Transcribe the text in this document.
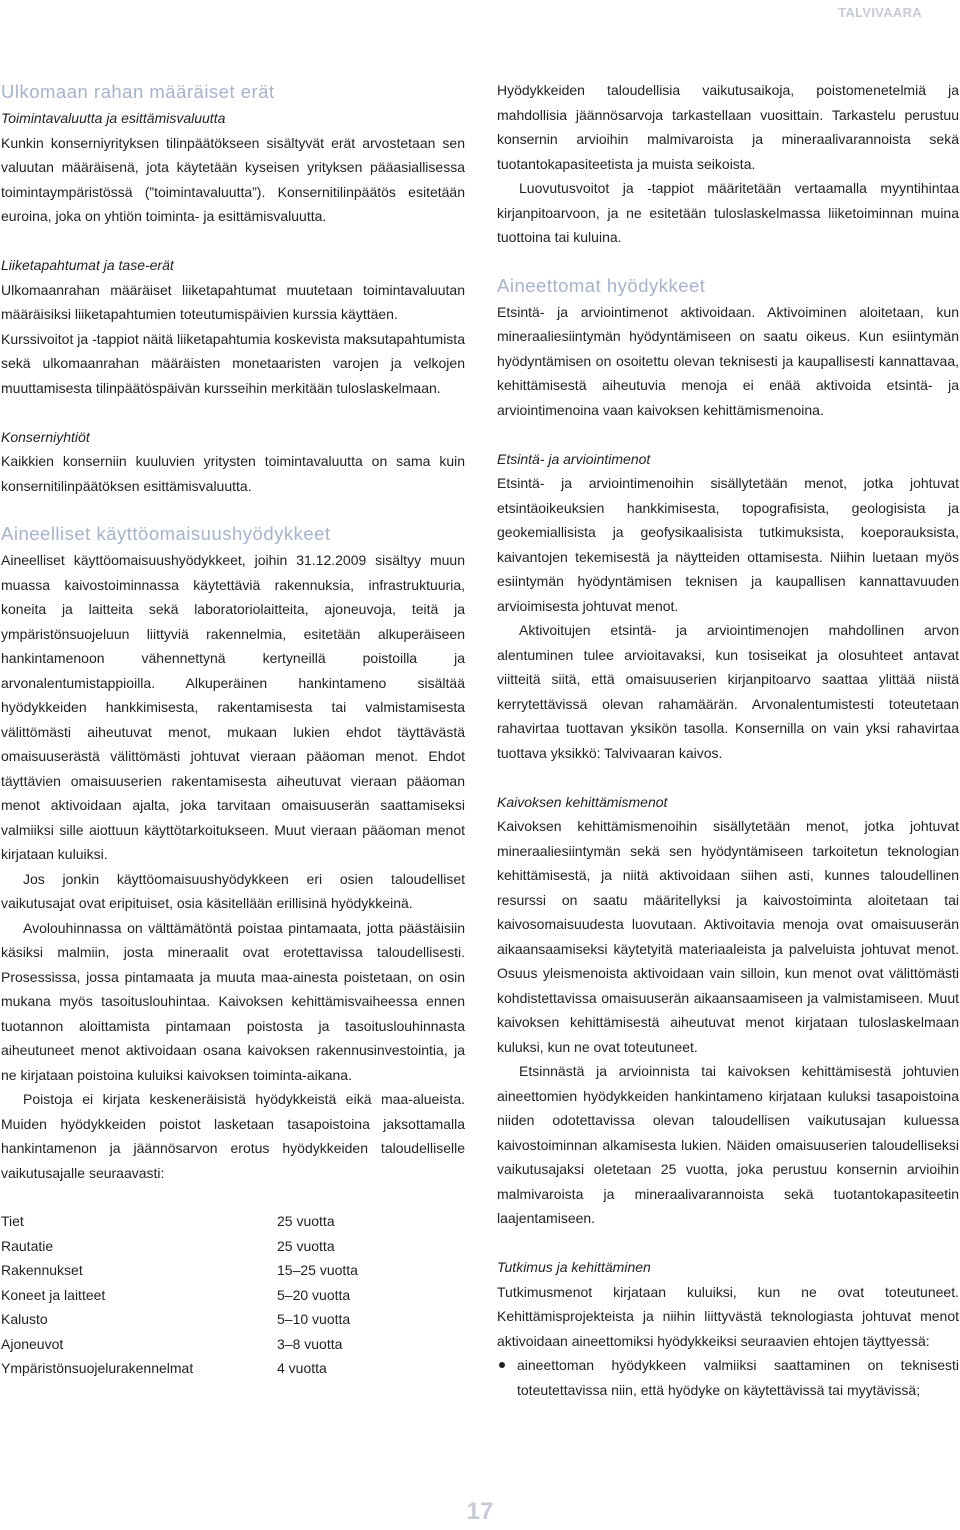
TALVIVAARA
Ulkomaan rahan määräiset erät
Toimintavaluutta ja esittämisvaluutta

Kunkin konserniyrityksen tilinpäätökseen sisältyvät erät arvostetaan sen valuutan määräisenä, jota käytetään kyseisen yrityksen pääasiallisessa toimintaympäristössä (”toimintavaluutta”). Konsernitilinpäätös esitetään euroina, joka on yhtiön toiminta- ja esittämisvaluutta.

Liiketapahtumat ja tase-erät

Ulkomaanrahan määräiset liiketapahtumat muutetaan toimintavaluutan määräisiksi liiketapahtumien toteutumispäivien kurssia käyttäen.

Kurssivoitot ja -tappiot näitä liiketapahtumia koskevista maksutapahtumista sekä ulkomaanrahan määräisten monetaaristen varojen ja velkojen muuttamisesta tilinpäätöspäivän kursseihin merkitään tuloslaskelmaan.

Konserniyhtiöt

Kaikkien konserniin kuuluvien yritysten toimintavaluutta on sama kuin konsernitilinpäätöksen esittämisvaluutta.

Aineelliset käyttöomaisuushyödykkeet

Aineelliset käyttöomaisuushyödykkeet, joihin 31.12.2009 sisältyy muun muassa kaivostoiminnassa käytettäviä rakennuksia, infrastruktuuria, koneita ja laitteita sekä laboratoriolaitteita, ajoneuvoja, teitä ja ympäristönsuojeluun liittyviä rakennelmia, esitetään alkuperäiseen hankintamenoon vähennettynä kertyneillä poistoilla ja arvonalentumistappioilla. Alkuperäinen hankintameno sisältää hyödykkeiden hankkimisesta, rakentamisesta tai valmistamisesta välittömästi aiheutuvat menot, mukaan lukien ehdot täyttävästä omaisuuserästä välittömästi johtuvat vieraan pääoman menot. Ehdot täyttävien omaisuuserien rakentamisesta aiheutuvat vieraan pääoman menot aktivoidaan ajalta, joka tarvitaan omaisuuserän saattamiseksi valmiiksi sille aiottuun käyttötarkoitukseen. Muut vieraan pääoman menot kirjataan kuluiksi.

Jos jonkin käyttöomaisuushyödykkeen eri osien taloudelliset vaikutusajat ovat eripituiset, osia käsitellään erillisinä hyödykkeinä.

Avolouhinnassa on välttämätöntä poistaa pintamaata, jotta päästäisiin käsiksi malmiin, josta mineraalit ovat erotettavissa taloudellisesti. Prosessissa, jossa pintamaata ja muuta maa-ainesta poistetaan, on osin mukana myös tasoituslouhintaa. Kaivoksen kehittämisvaiheessa ennen tuotannon aloittamista pintamaan poistosta ja tasoituslouhinnasta aiheutuneet menot aktivoidaan osana kaivoksen rakennusinvestointia, ja ne kirjataan poistoina kuluiksi kaivoksen toiminta-aikana.

Poistoja ei kirjata keskeneräisistä hyödykkeistä eikä maa-alueista. Muiden hyödykkeiden poistot lasketaan tasapoistoina jaksottamalla hankintamenon ja jäännösarvon erotus hyödykkeiden taloudelliselle vaikutusajalle seuraavasti:

Tiet	25 vuotta
Rautatie	25 vuotta
Rakennukset	15–25 vuotta
Koneet ja laitteet	5–20 vuotta
Kalusto	5–10 vuotta
Ajoneuvot	3–8 vuotta
Ympäristönsuojelurakennelmat	4 vuotta

Hyödykkeiden taloudellisia vaikutusaikoja, poistomenetelmiä ja mahdollisia jäännösarvoja tarkastellaan vuosittain. Tarkastelu perustuu konsernin arvioihin malmivaroista ja mineraalivarannoista sekä tuotantokapasiteetista ja muista seikoista.

Luovutusvoitot ja -tappiot määritetään vertaamalla myyntihintaa kirjanpitoarvoon, ja ne esitetään tuloslaskelmassa liiketoiminnan muina tuottoina tai kuluina.

Aineettomat hyödykkeet

Etsintä- ja arviointimenot aktivoidaan. Aktivoiminen aloitetaan, kun mineraaliesiintymän hyödyntämiseen on saatu oikeus. Kun esiintymän hyödyntämisen on osoitettu olevan teknisesti ja kaupallisesti kannattavaa, kehittämisestä aiheutuvia menoja ei enää aktivoida etsintä- ja arviointimenoina vaan kaivoksen kehittämismenoina.

Etsintä- ja arviointimenot

Etsintä- ja arviointimenoihin sisällytetään menot, jotka johtuvat etsintäoikeuksien hankkimisesta, topografisista, geologisista ja geokemiallisista ja geofysikaalisista tutkimuksista, koeporauksista, kaivantojen tekemisestä ja näytteiden ottamisesta. Niihin luetaan myös esiintymän hyödyntämisen teknisen ja kaupallisen kannattavuuden arvioimisesta johtuvat menot.

Aktivoitujen etsintä- ja arviointimenojen mahdollinen arvon alentuminen tulee arvioitavaksi, kun tosiseikat ja olosuhteet antavat viitteitä siitä, että omaisuuserien kirjanpitoarvo saattaa ylittää niistä kerrytettävissä olevan rahamäärän. Arvonalentumistesti toteutetaan rahavirtaa tuottavan yksikön tasolla. Konsernilla on vain yksi rahavirtaa tuottava yksikkö: Talvivaaran kaivos.

Kaivoksen kehittämismenot

Kaivoksen kehittämismenoihin sisällytetään menot, jotka johtuvat mineraaliesiintymän sekä sen hyödyntämiseen tarkoitetun teknologian kehittämisestä, ja niitä aktivoidaan siihen asti, kunnes taloudellinen resurssi on saatu määritellyksi ja kaivostoiminta aloitetaan tai kaivosomaisuudesta luovutaan. Aktivoitavia menoja ovat omaisuuserän aikaansaamiseksi käytetyitä materiaaleista ja palveluista johtuvat menot. Osuus yleismenoista aktivoidaan vain silloin, kun menot ovat välittömästi kohdistettavissa omaisuuserän aikaansaamiseen ja valmistamiseen. Muut kaivoksen kehittämisestä aiheutuvat menot kirjataan tuloslaskelmaan kuluksi, kun ne ovat toteutuneet.

Etsinnästä ja arvioinnista tai kaivoksen kehittämisestä johtuvien aineettomien hyödykkeiden hankintameno kirjataan kuluksi tasapoistoina niiden odotettavissa olevan taloudellisen vaikutusajan kuluessa kaivostoiminnan alkamisesta lukien. Näiden omaisuuserien taloudelliseksi vaikutusajaksi oletetaan 25 vuotta, joka perustuu konsernin arvioihin malmivaroista ja mineraalivarannoista sekä tuotantokapasiteetin laajentamiseen.

Tutkimus ja kehittäminen

Tutkimusmenot kirjataan kuluiksi, kun ne ovat toteutuneet. Kehittämisprojekteista ja niihin liittyvästä teknologiasta johtuvat menot aktivoidaan aineettomiksi hyödykkeiksi seuraavien ehtojen täyttyessä:

aineettoman hyödykkeen valmiiksi saattaminen on teknisesti toteutettavissa niin, että hyödyke on käytettävissä tai myytävissä;
17
